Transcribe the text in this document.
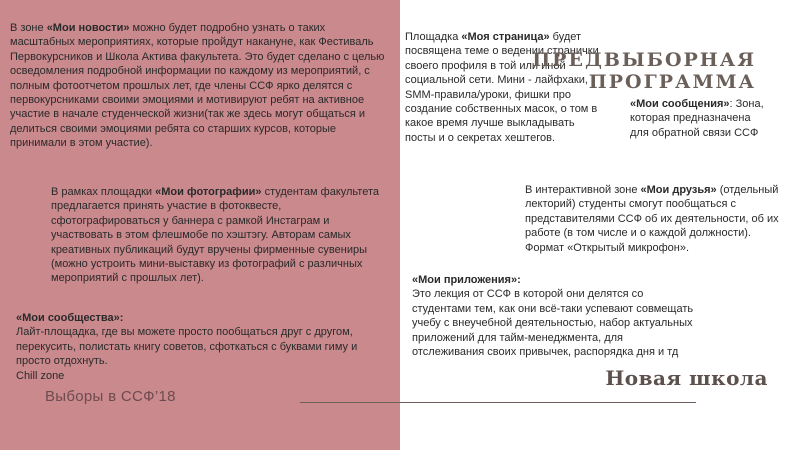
В зоне «Мои новости» можно будет подробно узнать о таких масштабных мероприятиях, которые пройдут накануне, как Фестиваль Первокурсников и Школа Актива факультета. Это будет сделано с целью осведомления подробной информации по каждому из мероприятий, с полным фотоотчетом прошлых лет, где члены ССФ ярко делятся с первокурсниками своими эмоциями и мотивируют ребят на активное участие в начале студенческой жизни(так же здесь могут общаться и делиться своими эмоциями ребята со старших курсов, которые принимали в этом участие).

В рамках площадки «Мои фотографии» студентам факультета предлагается принять участие в фотоквесте, сфотографироваться у баннера с рамкой Инстаграм и участвовать в этом флешмобе по хэштэгу. Авторам самых креативных публикаций будут вручены фирменные сувениры (можно устроить мини-выставку из фотографий с различных мероприятий с прошлых лет).

«Мои сообщества»:
Лайт-площадка, где вы можете просто пообщаться друг с другом, перекусить, полистать книгу советов, сфоткаться с буквами гиму и просто отдохнуть.
Chill zone

Выборы в ССФ’18

Площадка «Моя страница» будет посвящена теме о ведении странички своего профиля в той или иной социальной сети. Мини - лайфхаки, SMM-правила/уроки, фишки про создание собственных масок, о том в какое время лучше выкладывать посты и о секретах хештегов.

ПРЕДВЫБОРНАЯ
ПРОГРАММА

«Мои сообщения»: Зона, которая предназначена для обратной связи ССФ

В интерактивной зоне «Мои друзья» (отдельный лекторий) студенты смогут пообщаться с представителями ССФ об их деятельности, об их работе (в том числе и о каждой должности). Формат «Открытый микрофон».

«Мои приложения»:
Это лекция от ССФ в которой они делятся со студентами тем, как они всё-таки успевают совмещать учебу с внеучебной деятельностью, набор актуальных приложений для тайм-менеджмента, для отслеживания своих привычек, распорядка дня и тд

Новая школа
